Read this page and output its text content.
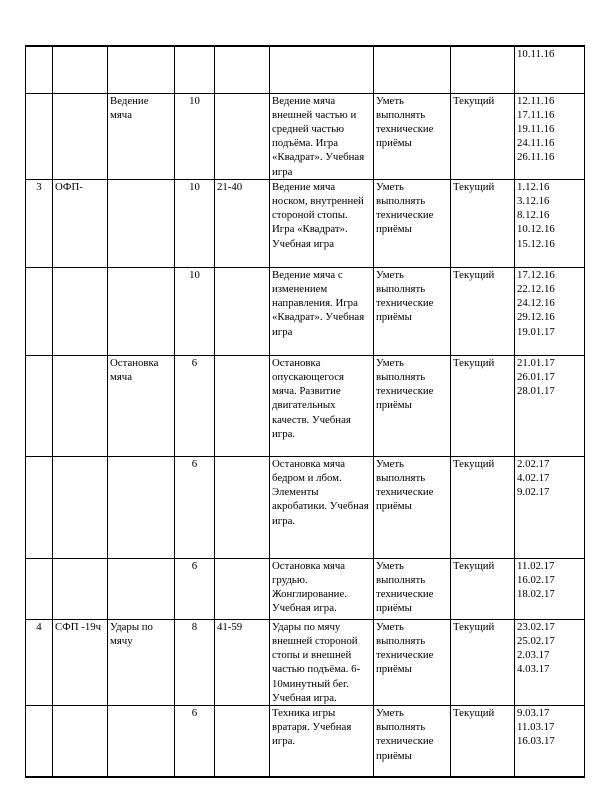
								10.11.16

		Ведение мяча	10		Ведение мяча внешней частью и средней частью подъёма. Игра «Квадрат». Учебная игра	Уметь выполнять технические приёмы	Текущий	12.11.16
17.11.16
19.11.16
24.11.16
26.11.16

3	ОФП-		10	21-40	Ведение мяча носком, внутренней стороной стопы. Игра «Квадрат». Учебная игра	Уметь выполнять технические приёмы	Текущий	1.12.16
3.12.16
8.12.16
10.12.16
15.12.16

			10		Ведение мяча с изменением направления. Игра «Квадрат». Учебная игра	Уметь выполнять технические приёмы	Текущий	17.12.16
22.12.16
24.12.16
29.12.16
19.01.17

		Остановка мяча	6		Остановка опускающегося мяча. Развитие двигательных качеств. Учебная игра.	Уметь выполнять технические приёмы	Текущий	21.01.17
26.01.17
28.01.17

			6		Остановка мяча бедром и лбом. Элементы акробатики. Учебная игра.	Уметь выполнять технические приёмы	Текущий	2.02.17
4.02.17
9.02.17

			6		Остановка мяча грудью. Жонглирование. Учебная игра.	Уметь выполнять технические приёмы	Текущий	11.02.17
16.02.17
18.02.17

4	СФП -19ч	Удары по мячу	8	41-59	Удары по мячу внешней стороной стопы и внешней частью подъёма. 6-10минутный бег. Учебная игра.	Уметь выполнять технические приёмы	Текущий	23.02.17
25.02.17
2.03.17
4.03.17

			6		Техника игры вратаря. Учебная игра.	Уметь выполнять технические приёмы	Текущий	9.03.17
11.03.17
16.03.17
